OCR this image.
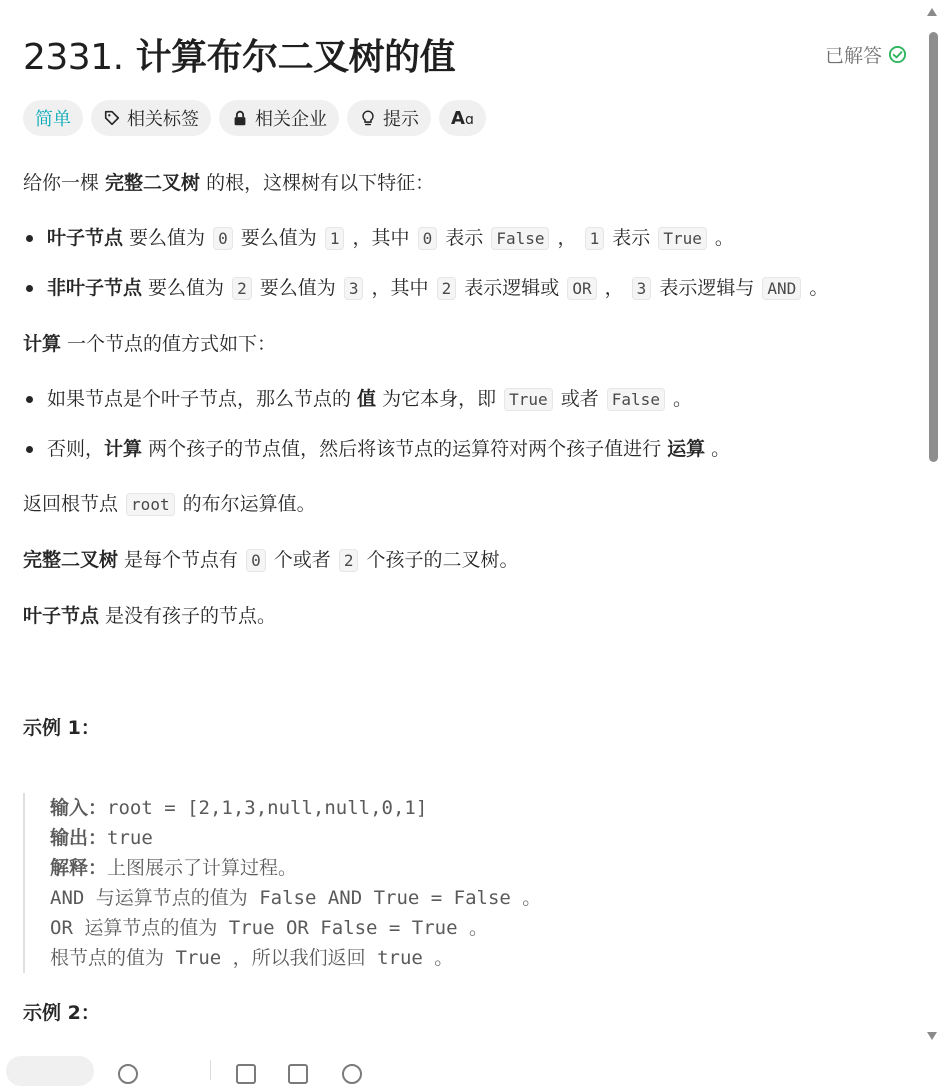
2331. 计算布尔二叉树的值	已解答
简单	相关标签	相关企业	提示 A ɑ

给你一棵 完整二叉树 的根，这棵树有以下特征：

叶子节点 要么值为 0 要么值为 1 ，其中 0 表示 False ， 1 表示 True 。
非叶子节点 要么值为 2 要么值为 3 ，其中 2 表示逻辑或 OR ， 3 表示逻辑与 AND 。

计算 一个节点的值方式如下：

如果节点是个叶子节点，那么节点的 值 为它本身，即 True 或者 False 。
否则，计算 两个孩子的节点值，然后将该节点的运算符对两个孩子值进行 运算 。

返回根节点 root 的布尔运算值。

完整二叉树 是每个节点有 0 个或者 2 个孩子的二叉树。

叶子节点 是没有孩子的节点。

示例 1：

输入：root = [2,1,3,null,null,0,1]
输出：true
解释：上图展示了计算过程。
AND 与运算节点的值为 False AND True = False 。
OR 运算节点的值为 True OR False = True 。
根节点的值为 True ，所以我们返回 true 。

示例 2：
